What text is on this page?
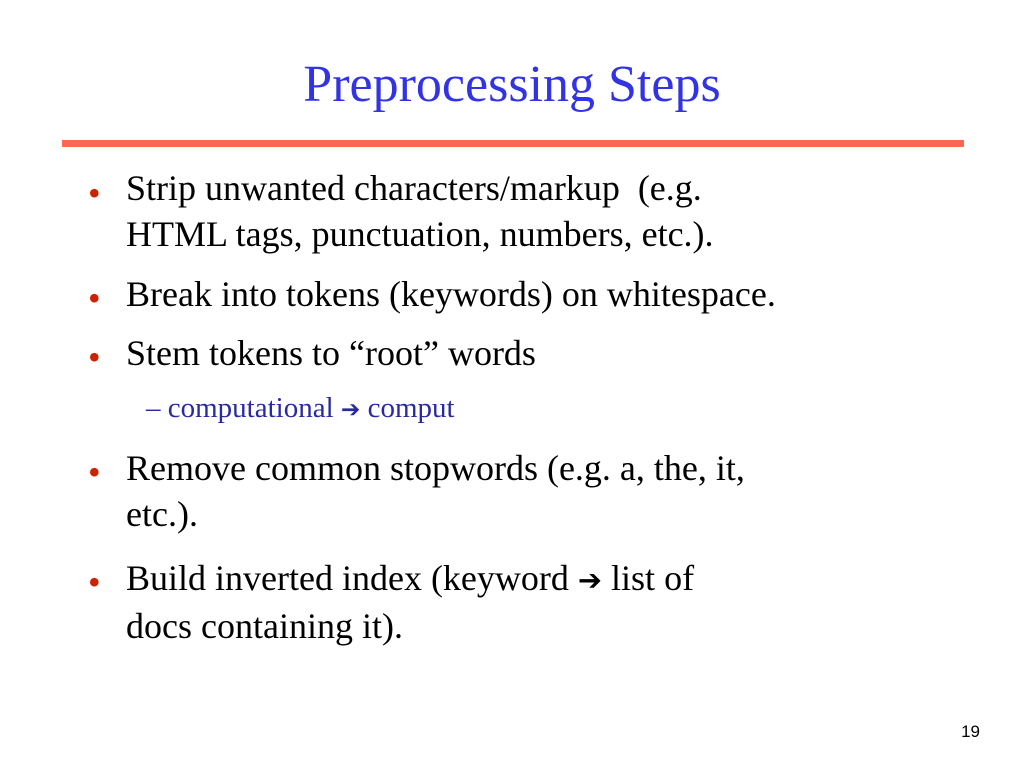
Preprocessing Steps
• Strip unwanted characters/markup  (e.g.
HTML tags, punctuation, numbers, etc.).
• Break into tokens (keywords) on whitespace.
• Stem tokens to “root” words
– computational ➔ comput
• Remove common stopwords (e.g. a, the, it,
etc.).
• Build inverted index (keyword ➔ list of
docs containing it).
19
